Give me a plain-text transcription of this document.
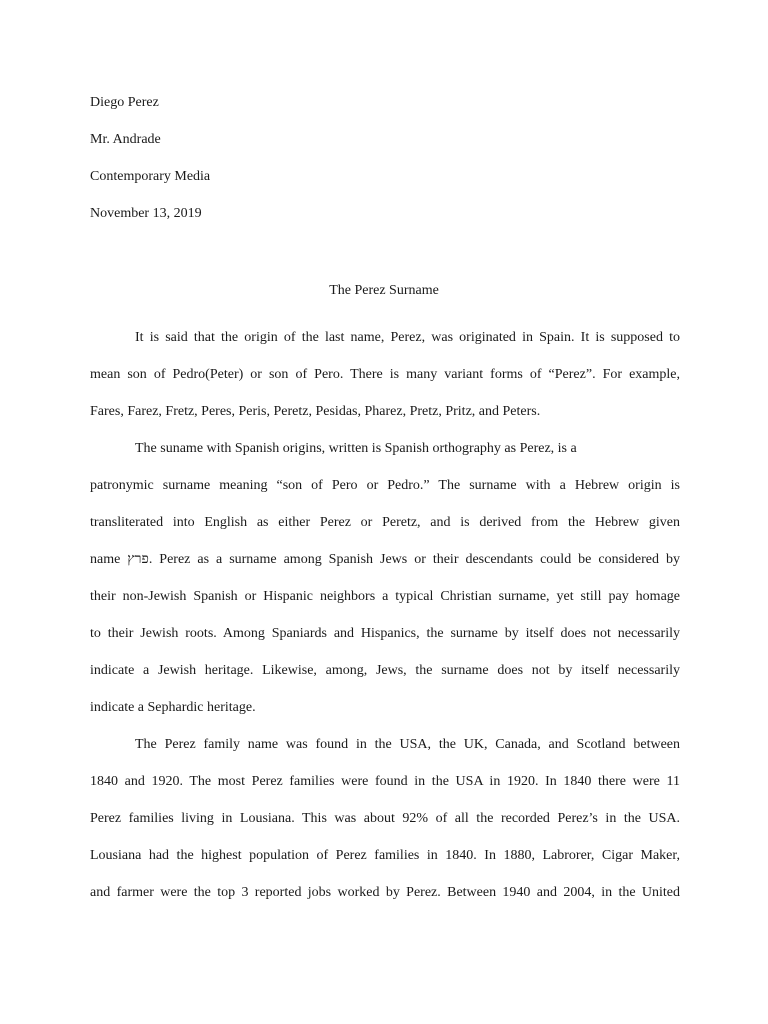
Diego Perez
Mr. Andrade
Contemporary Media
November 13, 2019
The Perez Surname
It is said that the origin of the last name, Perez, was originated in Spain. It is supposed to
mean son of Pedro(Peter) or son of Pero. There is many variant forms of “Perez”. For example,
Fares, Farez, Fretz, Peres, Peris, Peretz, Pesidas, Pharez, Pretz, Pritz, and Peters.
The suname with Spanish origins, written is Spanish orthography as Perez, is a
patronymic surname meaning “son of Pero or Pedro.” The surname with a Hebrew origin is
transliterated into English as either Perez or Peretz, and is derived from the Hebrew given
name פרץ. Perez as a surname among Spanish Jews or their descendants could be considered by
their non-Jewish Spanish or Hispanic neighbors a typical Christian surname, yet still pay homage
to their Jewish roots. Among Spaniards and Hispanics, the surname by itself does not necessarily
indicate a Jewish heritage. Likewise, among, Jews, the surname does not by itself necessarily
indicate a Sephardic heritage.
The Perez family name was found in the USA, the UK, Canada, and Scotland between
1840 and 1920. The most Perez families were found in the USA in 1920. In 1840 there were 11
Perez families living in Lousiana. This was about 92% of all the recorded Perez’s in the USA.
Lousiana had the highest population of Perez families in 1840. In 1880, Labrorer, Cigar Maker,
and farmer were the top 3 reported jobs worked by Perez. Between 1940 and 2004, in the United
